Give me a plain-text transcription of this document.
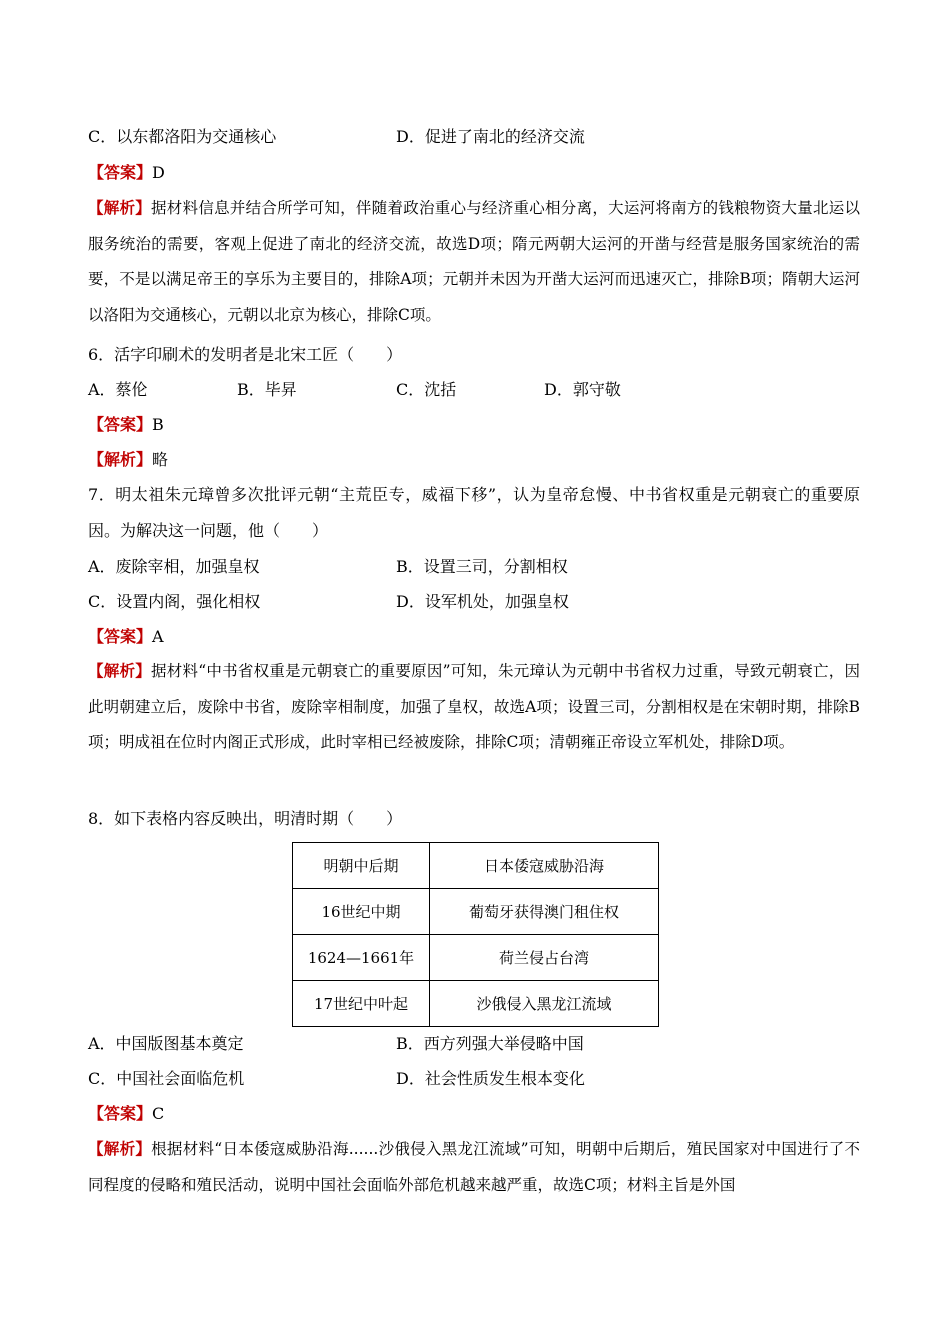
C．以东都洛阳为交通核心	D．促进了南北的经济交流
【答案】D
【解析】据材料信息并结合所学可知，伴随着政治重心与经济重心相分离，大运河将南方的钱粮物资大量北运以服务统治的需要，客观上促进了南北的经济交流，故选D项；隋元两朝大运河的开凿与经营是服务国家统治的需要，不是以满足帝王的享乐为主要目的，排除A项；元朝并未因为开凿大运河而迅速灭亡，排除B项；隋朝大运河以洛阳为交通核心，元朝以北京为核心，排除C项。
6．活字印刷术的发明者是北宋工匠（　　）
A．蔡伦	B．毕昇	C．沈括	D．郭守敬
【答案】B
【解析】略
7．明太祖朱元璋曾多次批评元朝“主荒臣专，威福下移”，认为皇帝怠慢、中书省权重是元朝衰亡的重要原因。为解决这一问题，他（　　）
A．废除宰相，加强皇权	B．设置三司，分割相权
C．设置内阁，强化相权	D．设军机处，加强皇权
【答案】A
【解析】据材料“中书省权重是元朝衰亡的重要原因”可知，朱元璋认为元朝中书省权力过重，导致元朝衰亡，因此明朝建立后，废除中书省，废除宰相制度，加强了皇权，故选A项；设置三司，分割相权是在宋朝时期，排除B项；明成祖在位时内阁正式形成，此时宰相已经被废除，排除C项；清朝雍正帝设立军机处，排除D项。
8．如下表格内容反映出，明清时期（　　）
明朝中后期	日本倭寇威胁沿海
16世纪中期	葡萄牙获得澳门租住权
1624—1661年	荷兰侵占台湾
17世纪中叶起	沙俄侵入黑龙江流域
A．中国版图基本奠定	B．西方列强大举侵略中国
C．中国社会面临危机	D．社会性质发生根本变化
【答案】C
【解析】根据材料“日本倭寇威胁沿海......沙俄侵入黑龙江流域”可知，明朝中后期后，殖民国家对中国进行了不同程度的侵略和殖民活动，说明中国社会面临外部危机越来越严重，故选C项；材料主旨是外国
